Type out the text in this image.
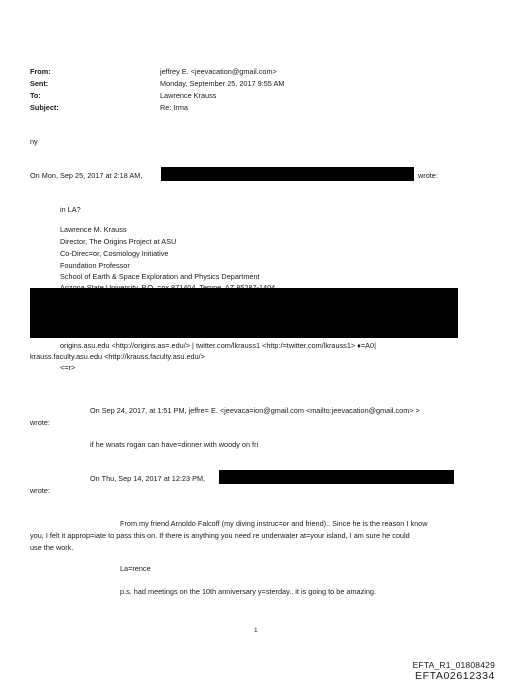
From:	jeffrey E. <jeevacation@gmail.com>
Sent:	Monday, September 25, 2017 9:55 AM
To:	Lawrence Krauss
Subject:	Re: Irma
ny
On Mon, Sep 25, 2017 at 2:18 AM,	wrote:
in LA?
Lawrence M. Krauss
Director, The Origins Project at ASU
Co-Direc=or, Cosmology Initiative
Foundation Professor
School of Earth & Space Exploration and Physics Department
origins.asu.edu <http://origins.as=.edu/> | twitter.com/lkrauss1 <http:/=twitter.com/lkrauss1> ♦=A0|
krauss.faculty.asu.edu <http://krauss.faculty.asu.edu/>
<=r>
On Sep 24, 2017, at 1:51 PM, jeffre= E. <jeevaca=ion@gmail.com <mailto:jeevacation@gmail.com> >
wrote:
if he wnats rogan can have=dinner with woody on fri
On Thu, Sep 14, 2017 at 12:23 PM,
wrote:
From my friend Arnoldo Falcoff (my diving instruc=or and friend).. Since he is the reason I know
you, I felt it approp=iate to pass this on. If there is anything you need re underwater at=your island, I am sure he could
use the work.
La=rence
p.s. had meetings on the 10th anniversary y=sterday.. it is going to be amazing.
1
EFTA_R1_01808429
EFTA02612334
